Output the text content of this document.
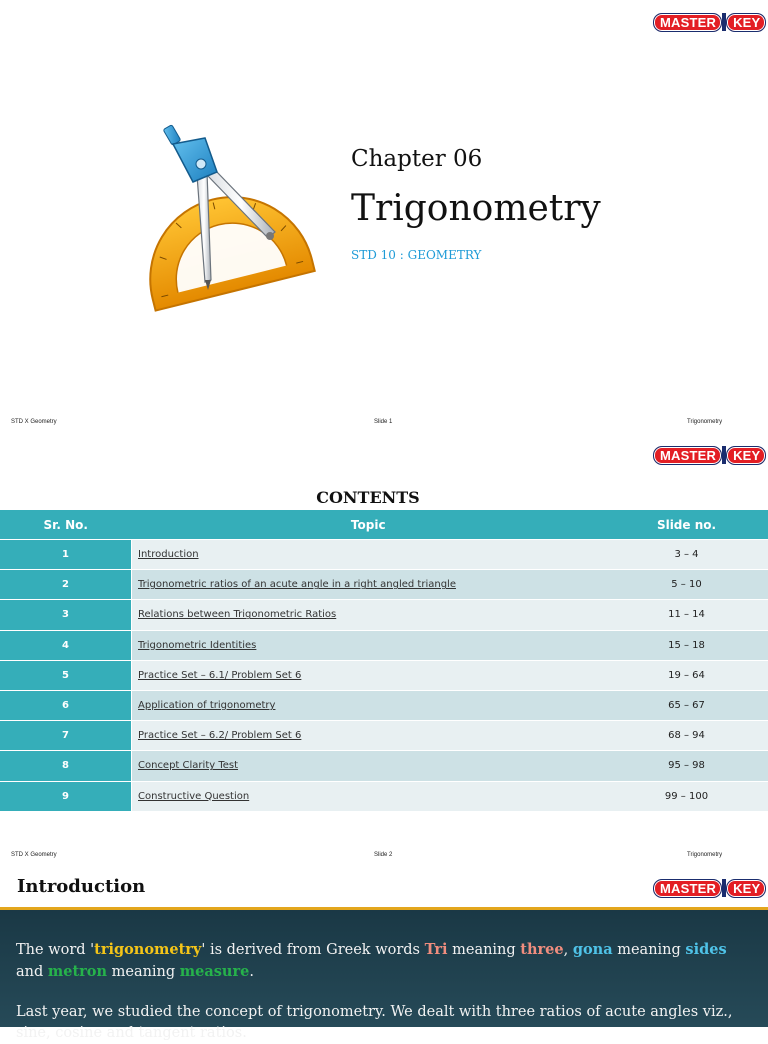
MASTER	KEY
Chapter 06
Trigonometry
STD 10 : GEOMETRY
STD X Geometry	Slide 1	Trigonometry
MASTER	KEY
CONTENTS
Sr. No.	Topic	Slide no.
1	Introduction	3 – 4
2	Trigonometric ratios of an acute angle in a right angled triangle	5 – 10
3	Relations between Trigonometric Ratios	11 – 14
4	Trigonometric Identities	15 – 18
5	Practice Set – 6.1/ Problem Set 6	19 – 64
6	Application of trigonometry	65 – 67
7	Practice Set – 6.2/ Problem Set 6	68 – 94
8	Concept Clarity Test	95 – 98
9	Constructive Question	99 – 100
STD X Geometry	Slide 2	Trigonometry
Introduction	MASTER	KEY

The word 'trigonometry' is derived from Greek words Tri meaning three, gona meaning sides and metron meaning measure.

Last year, we studied the concept of trigonometry. We dealt with three ratios of acute angles viz., sine, cosine and tangent ratios.
